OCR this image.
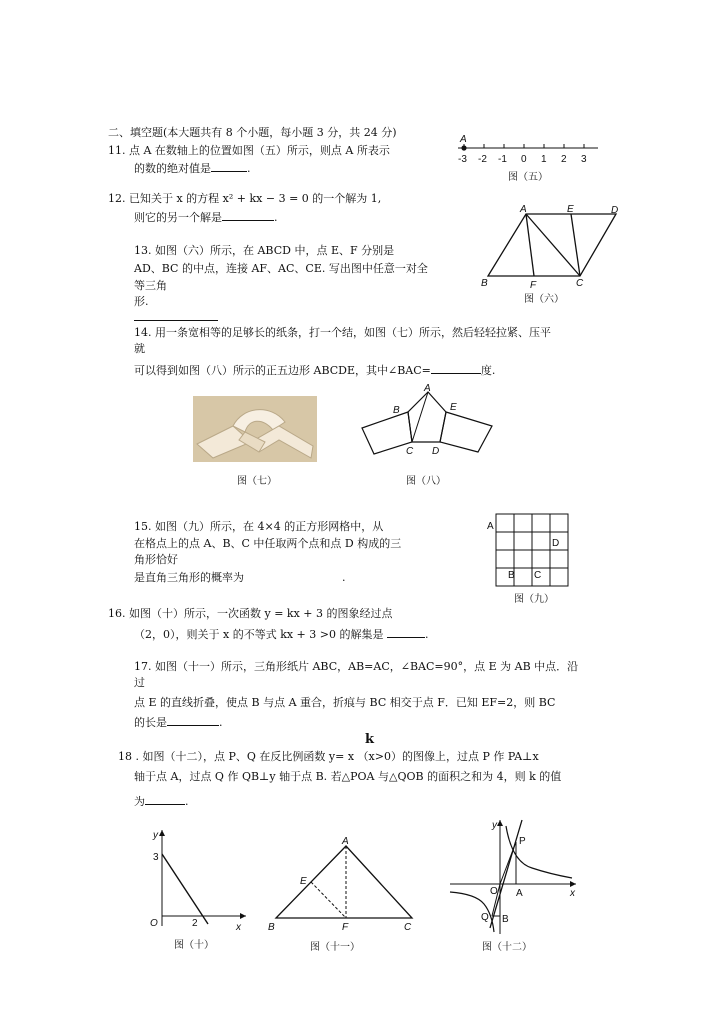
二、填空题(本大题共有 8 个小题，每小题 3 分，共 24 分)
11. 点 A 在数轴上的位置如图（五）所示，则点 A 所表示
的数的绝对值是	.
A
-3 -2 -1 0 1 2 3
图（五）
12. 已知关于 x 的方程 x² + kx − 3 = 0 的一个解为 1,
则它的另一个解是	.
13. 如图（六）所示，在 ABCD 中，点 E、F 分别是
AD、BC 的中点，连接 AF、AC、CE. 写出图中任意一对全
等三角
形.
A	E	D
B	F	C
图（六）
14. 用一条宽相等的足够长的纸条，打一个结，如图（七）所示，然后轻轻拉紧、压平
就
可以得到如图（八）所示的正五边形 ABCDE，其中∠BAC=	度.
图（七）
A
B	E
C D
图（八）
15. 如图（九）所示，在 4×4 的正方形网格中，从
在格点上的点 A、B、C 中任取两个点和点 D 构成的三
角形恰好
是直角三角形的概率为	.
A
D
B C
图（九）
16. 如图（十）所示，一次函数 y = kx + 3 的图象经过点
（2，0），则关于 x 的不等式 kx + 3 >0 的解集是	.
17. 如图（十一）所示，三角形纸片 ABC，AB=AC，∠BAC=90°，点 E 为 AB 中点．沿
过
点 E 的直线折叠，使点 B 与点 A 重合，折痕与 BC 相交于点 F．已知 EF=2，则 BC
的长是	.
k
18 . 如图（十二），点 P、Q 在反比例函数 y= x （x>0）的图像上，过点 P 作 PA⊥x
轴于点 A，过点 Q 作 QB⊥y 轴于点 B. 若△POA 与△QOB 的面积之和为 4，则 k 的值
为	.
y
3
O	2	x
图（十）
A
E
B	F	C
图（十一）
y
P
O A	x
Q B
图（十二）
